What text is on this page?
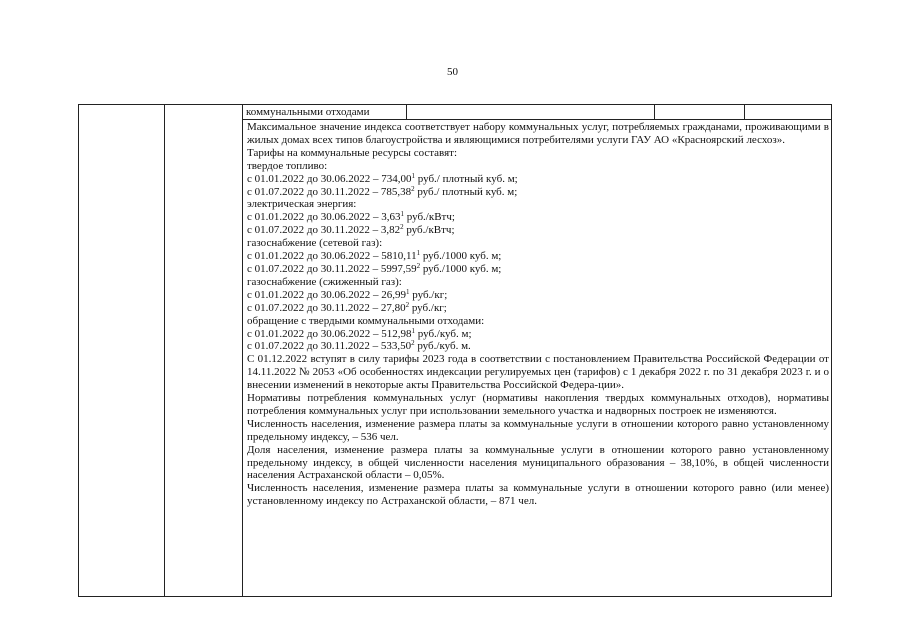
50
коммунальными отходами

Максимальное значение индекса соответствует набору коммунальных услуг, потребляемых гражданами, проживающими в жилых домах всех типов благоустройства и являющимися потребителями услуги ГАУ АО «Красноярский лесхоз».

Тарифы на коммунальные ресурсы составят:

твердое топливо:

с 01.01.2022 до 30.06.2022 – 734,00$^1$ руб./ плотный куб. м;

с 01.07.2022 до 30.11.2022 – 785,38$^2$ руб./ плотный куб. м;

электрическая энергия:

с 01.01.2022 до 30.06.2022 – 3,63$^1$ руб./кВтч;

с 01.07.2022 до 30.11.2022 – 3,82$^2$ руб./кВтч;

газоснабжение (сетевой газ):

с 01.01.2022 до 30.06.2022 – 5810,11$^1$ руб./1000 куб. м;

с 01.07.2022 до 30.11.2022 – 5997,59$^2$ руб./1000 куб. м;

газоснабжение (сжиженный газ):

с 01.01.2022 до 30.06.2022 – 26,99$^1$ руб./кг;

с 01.07.2022 до 30.11.2022 – 27,80$^2$ руб./кг;

обращение с твердыми коммунальными отходами:

с 01.01.2022 до 30.06.2022 – 512,98$^1$ руб./куб. м;

с 01.07.2022 до 30.11.2022 – 533,50$^2$ руб./куб. м.

С 01.12.2022 вступят в силу тарифы 2023 года в соответствии с постановлением Правительства Российской Федерации от 14.11.2022 № 2053 «Об особенностях индексации регулируемых цен (тарифов) с 1 декабря 2022 г. по 31 декабря 2023 г. и о внесении изменений в некоторые акты Правительства Российской Федера-ции».

Нормативы потребления коммунальных услуг (нормативы накопления твердых коммунальных отходов), нормативы потребления коммунальных услуг при использовании земельного участка и надворных построек не изменяются.

Численность населения, изменение размера платы за коммунальные услуги в отношении которого равно установленному предельному индексу, – 536 чел.

Доля населения, изменение размера платы за коммунальные услуги в отношении которого равно установленному предельному индексу, в общей численности населения муниципального образования – 38,10%, в общей численности населения Астраханской области – 0,05%.

Численность населения, изменение размера платы за коммунальные услуги в отношении которого равно (или менее) установленному индексу по Астраханской области, – 871 чел.
